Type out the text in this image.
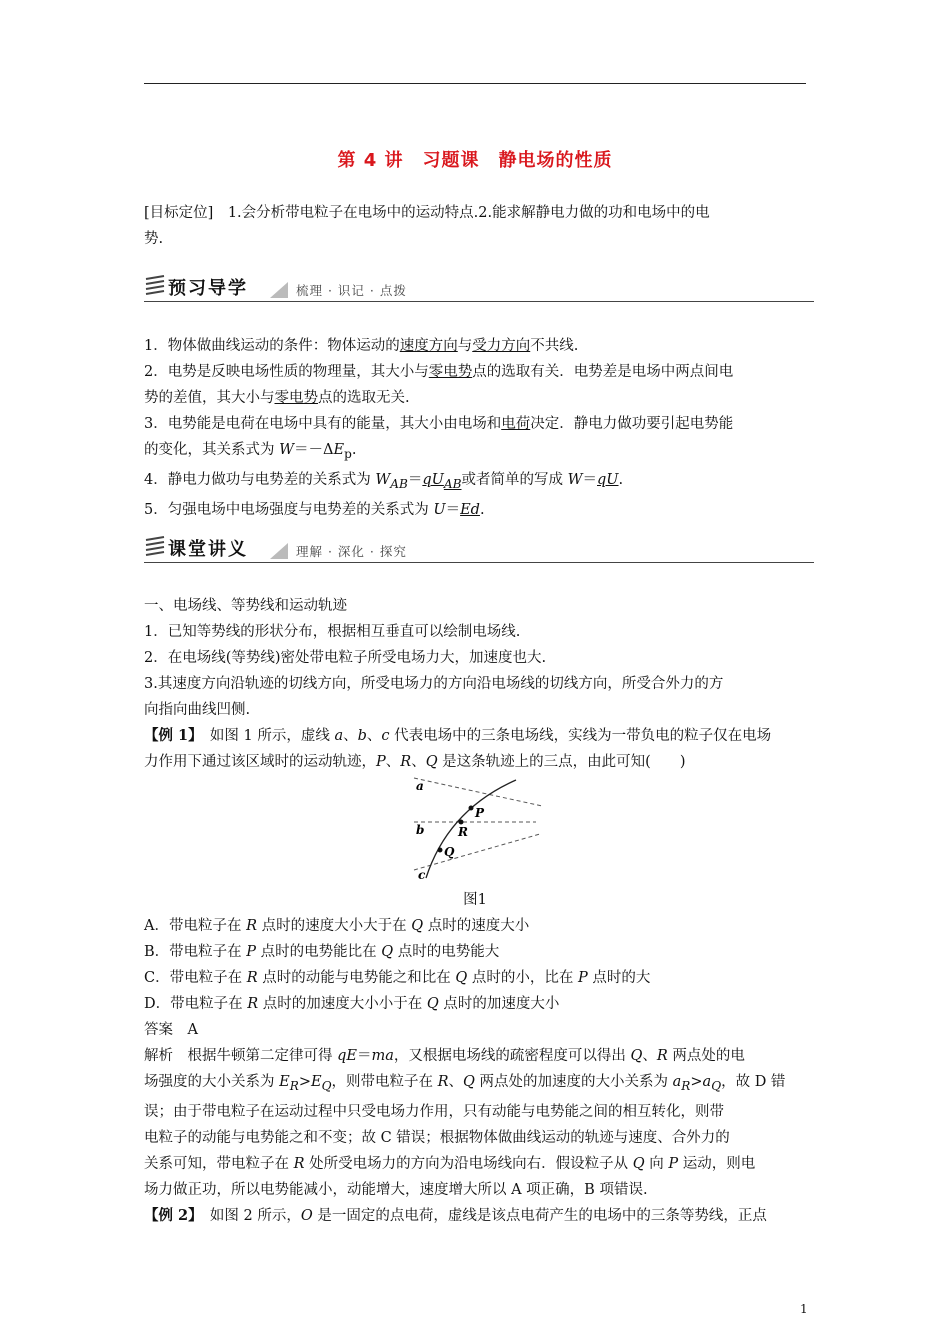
第 4 讲　习题课　静电场的性质
[目标定位]　1.会分析带电粒子在电场中的运动特点.2.能求解静电力做的功和电场中的电
势.
预习导学	梳理 · 识记 · 点拨
1．物体做曲线运动的条件：物体运动的速度方向与受力方向不共线.
2．电势是反映电场性质的物理量，其大小与零电势点的选取有关．电势差是电场中两点间电
势的差值，其大小与零电势点的选取无关.
3．电势能是电荷在电场中具有的能量，其大小由电场和电荷决定．静电力做功要引起电势能
的变化，其关系式为 $W=-\Delta E_p$.
4．静电力做功与电势差的关系式为 $W_{AB}=qU_{AB}$或者简单的写成 W＝qU.
5．匀强电场中电场强度与电势差的关系式为 U＝Ed.
课堂讲义	理解 · 深化 · 探究
一、电场线、等势线和运动轨迹
1．已知等势线的形状分布，根据相互垂直可以绘制电场线.
2．在电场线(等势线)密处带电粒子所受电场力大，加速度也大.
3.其速度方向沿轨迹的切线方向，所受电场力的方向沿电场线的切线方向，所受合外力的方
向指向曲线凹侧.
【例 1】　如图 1 所示，虚线 a、b、c 代表电场中的三条电场线，实线为一带负电的粒子仅在电场
力作用下通过该区域时的运动轨迹，P、R、Q 是这条轨迹上的三点，由此可知(　　)
a
b
c
P
R
Q
图1
A．带电粒子在 R 点时的速度大小大于在 Q 点时的速度大小
B．带电粒子在 P 点时的电势能比在 Q 点时的电势能大
C．带电粒子在 R 点时的动能与电势能之和比在 Q 点时的小，比在 P 点时的大
D．带电粒子在 R 点时的加速度大小小于在 Q 点时的加速度大小
答案　A
解析　根据牛顿第二定律可得 qE＝ma，又根据电场线的疏密程度可以得出 Q、R 两点处的电
场强度的大小关系为 $E_R>E_Q$，则带电粒子在 R、Q 两点处的加速度的大小关系为 $a_R>a_Q$，故 D 错
误；由于带电粒子在运动过程中只受电场力作用，只有动能与电势能之间的相互转化，则带
电粒子的动能与电势能之和不变；故 C 错误；根据物体做曲线运动的轨迹与速度、合外力的
关系可知，带电粒子在 R 处所受电场力的方向为沿电场线向右．假设粒子从 Q 向 P 运动，则电
场力做正功，所以电势能减小，动能增大，速度增大所以 A 项正确，B 项错误.
【例 2】　如图 2 所示，O 是一固定的点电荷，虚线是该点电荷产生的电场中的三条等势线，正点
1
